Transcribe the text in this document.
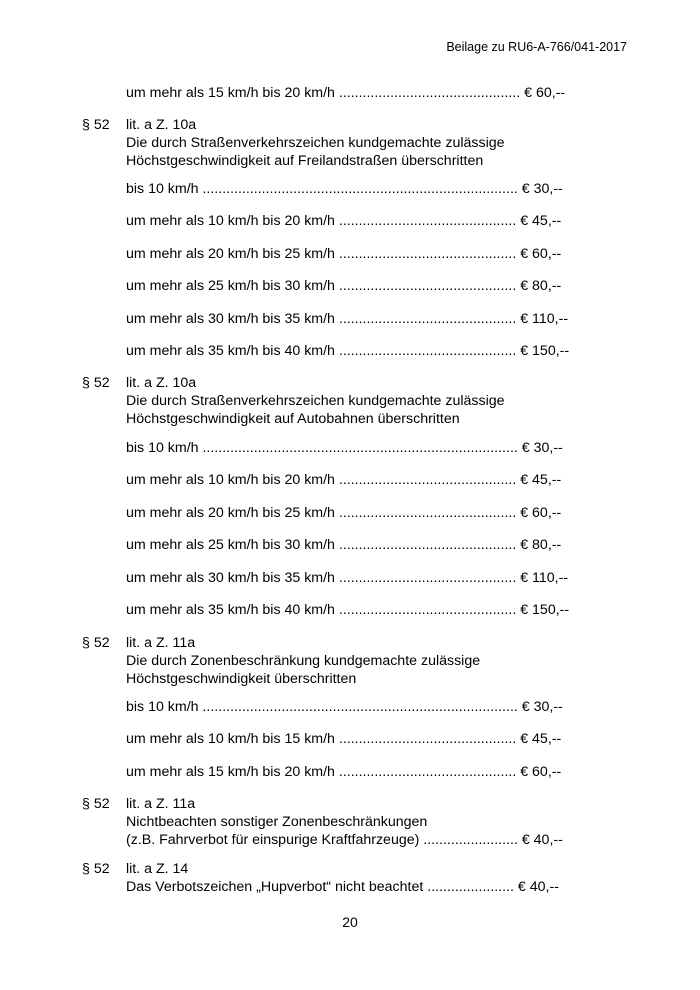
Beilage zu RU6-A-766/041-2017
um mehr als 15 km/h bis 20 km/h .............................................. € 60,--
§ 52	lit. a Z. 10a
Die durch Straßenverkehrszeichen kundgemachte zulässige
Höchstgeschwindigkeit auf Freilandstraßen überschritten
bis 10 km/h ................................................................................ € 30,--
um mehr als 10 km/h bis 20 km/h ............................................. € 45,--
um mehr als 20 km/h bis 25 km/h ............................................. € 60,--
um mehr als 25 km/h bis 30 km/h ............................................. € 80,--
um mehr als 30 km/h bis 35 km/h ............................................. € 110,--
um mehr als 35 km/h bis 40 km/h ............................................. € 150,--
§ 52	lit. a Z. 10a
Die durch Straßenverkehrszeichen kundgemachte zulässige
Höchstgeschwindigkeit auf Autobahnen überschritten
bis 10 km/h ................................................................................ € 30,--
um mehr als 10 km/h bis 20 km/h ............................................. € 45,--
um mehr als 20 km/h bis 25 km/h ............................................. € 60,--
um mehr als 25 km/h bis 30 km/h ............................................. € 80,--
um mehr als 30 km/h bis 35 km/h ............................................. € 110,--
um mehr als 35 km/h bis 40 km/h ............................................. € 150,--
§ 52	lit. a Z. 11a
Die durch Zonenbeschränkung kundgemachte zulässige
Höchstgeschwindigkeit überschritten
bis 10 km/h ................................................................................ € 30,--
um mehr als 10 km/h bis 15 km/h ............................................. € 45,--
um mehr als 15 km/h bis 20 km/h ............................................. € 60,--
§ 52	lit. a Z. 11a
Nichtbeachten sonstiger Zonenbeschränkungen
(z.B. Fahrverbot für einspurige Kraftfahrzeuge) ........................ € 40,--
§ 52	lit. a Z. 14
Das Verbotszeichen „Hupverbot“ nicht beachtet ...................... € 40,--
20
